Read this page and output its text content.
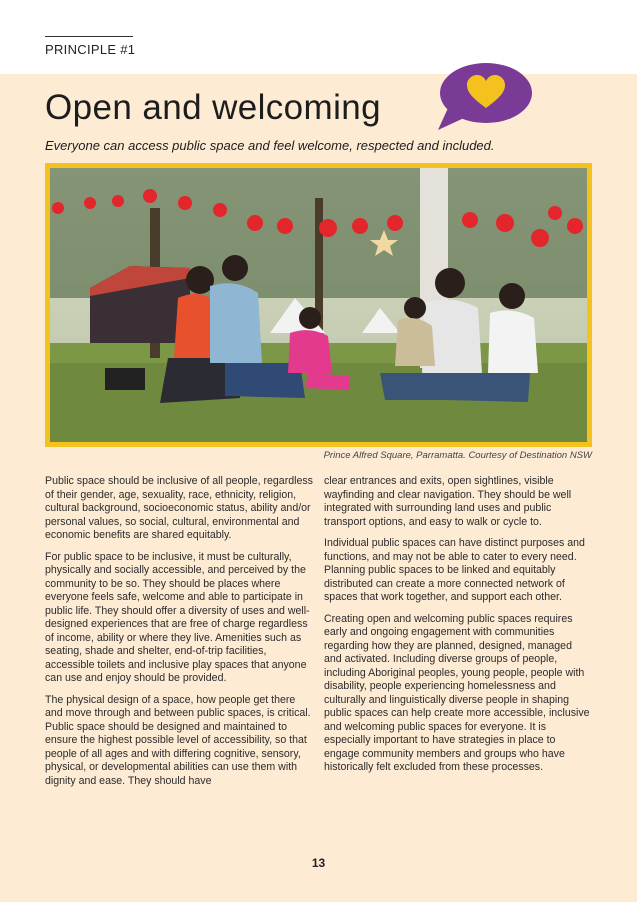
PRINCIPLE #1
Open and welcoming
Everyone can access public space and feel welcome, respected and included.
Prince Alfred Square, Parramatta. Courtesy of Destination NSW

Public space should be inclusive of all people, regardless of their gender, age, sexuality, race, ethnicity, religion, cultural background, socioeconomic status, ability and/or personal values, so social, cultural, environmental and economic benefits are shared equitably.

For public space to be inclusive, it must be culturally, physically and socially accessible, and perceived by the community to be so. They should be places where everyone feels safe, welcome and able to participate in public life. They should offer a diversity of uses and well-designed experiences that are free of charge regardless of income, ability or where they live. Amenities such as seating, shade and shelter, end-of-trip facilities, accessible toilets and inclusive play spaces that anyone can use and enjoy should be provided.

The physical design of a space, how people get there and move through and between public spaces, is critical. Public space should be designed and maintained to ensure the highest possible level of accessibility, so that people of all ages and with differing cognitive, sensory, physical, or developmental abilities can use them with dignity and ease. They should have

clear entrances and exits, open sightlines, visible wayfinding and clear navigation. They should be well integrated with surrounding land uses and public transport options, and easy to walk or cycle to.

Individual public spaces can have distinct purposes and functions, and may not be able to cater to every need. Planning public spaces to be linked and equitably distributed can create a more connected network of spaces that work together, and support each other.

Creating open and welcoming public spaces requires early and ongoing engagement with communities regarding how they are planned, designed, managed and activated. Including diverse groups of people, including Aboriginal peoples, young people, people with disability, people experiencing homelessness and culturally and linguistically diverse people in shaping public spaces can help create more accessible, inclusive and welcoming public spaces for everyone. It is especially important to have strategies in place to engage community members and groups who have historically felt excluded from these processes.

13
